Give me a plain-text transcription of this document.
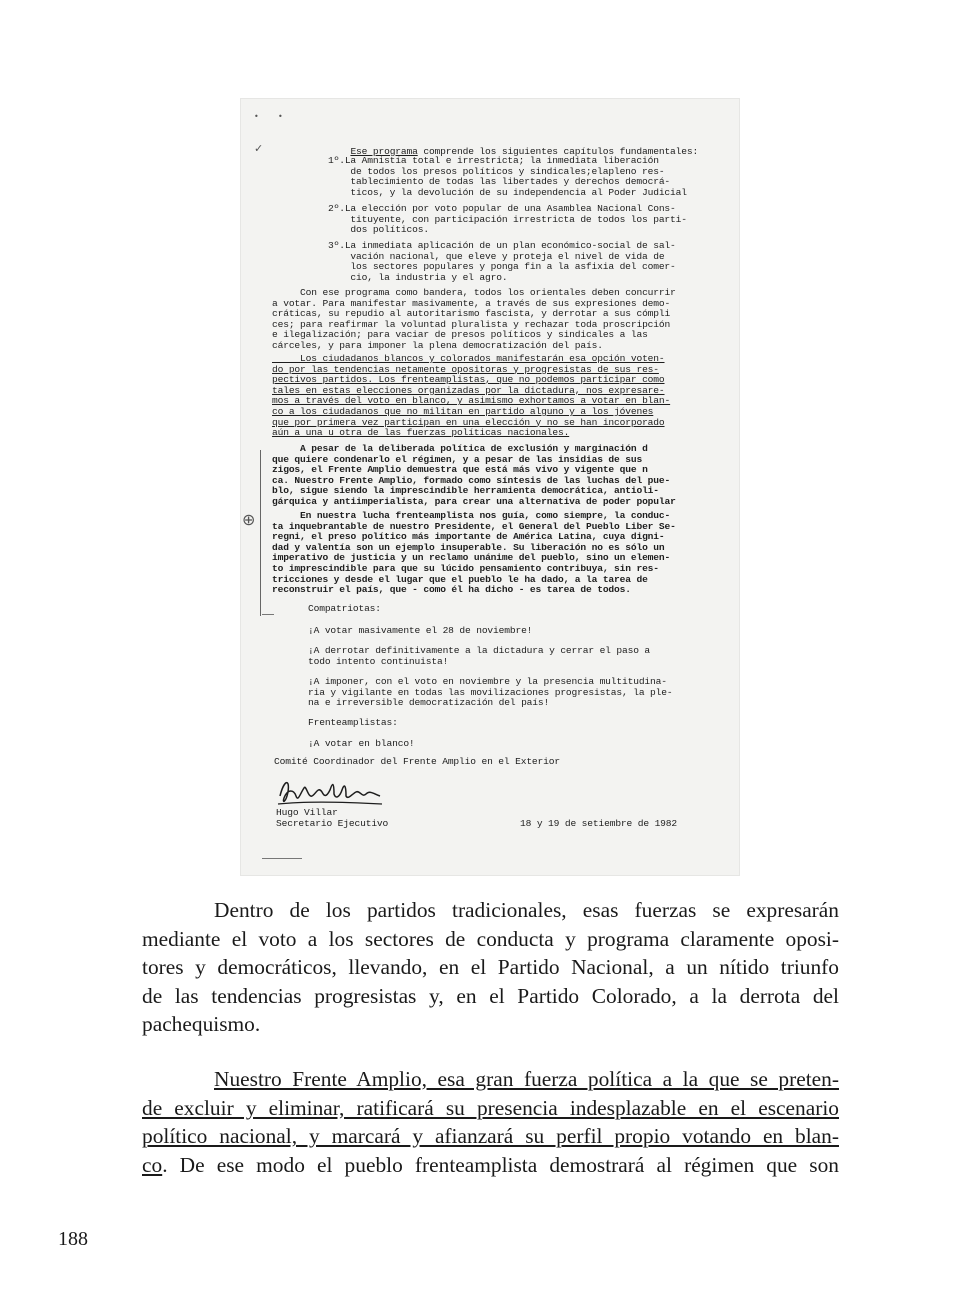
• •
✓	Ese programa comprende los siguientes capítulos fundamentales:

1º.La Amnistía total e irrestricta; la inmediata liberación
de todos los presos políticos y sindicales;elapleno res-
tablecimiento de todas las libertades y derechos democrá-
ticos, y la devolución de su independencia al Poder Judicial
2º.La elección por voto popular de una Asamblea Nacional Cons-
tituyente, con participación irrestricta de todos los parti-
dos políticos.
3º.La inmediata aplicación de un plan económico-social de sal-
vación nacional, que eleve y proteja el nivel de vida de
los sectores populares y ponga fin a la asfixia del comer-
cio, la industria y el agro.
Con ese programa como bandera, todos los orientales deben concurrir
a votar. Para manifestar masivamente, a través de sus expresiones demo-
cráticas, su repudio al autoritarismo fascista, y derrotar a sus cómpli
ces; para reafirmar la voluntad pluralista y rechazar toda proscripción
e ilegalización; para vaciar de presos políticos y sindicales a las
cárceles, y para imponer la plena democratización del país.
Los ciudadanos blancos y colorados manifestarán esa opción voten-
do por las tendencias netamente opositoras y progresistas de sus res-
pectivos partidos. Los frenteamplistas, que no podemos participar como
tales en estas elecciones organizadas por la dictadura, nos expresare-
mos a través del voto en blanco, y asimismo exhortamos a votar en blan-
co a los ciudadanos que no militan en partido alguno y a los jóvenes
que por primera vez participan en una elección y no se han incorporado
aún a una u otra de las fuerzas políticas nacionales.
⊕
A pesar de la deliberada política de exclusión y marginación d
que quiere condenarlo el régimen, y a pesar de las insidias de sus
zigos, el Frente Amplio demuestra que está más vivo y vigente que n
ca. Nuestro Frente Amplio, formado como síntesis de las luchas del pue-
blo, sigue siendo la imprescindible herramienta democrática, antioli-
gárquica y antiimperialista, para crear una alternativa de poder popular
En nuestra lucha frenteamplista nos guía, como siempre, la conduc-
ta inquebrantable de nuestro Presidente, el General del Pueblo Liber Se-
regni, el preso político más importante de América Latina, cuya digni-
dad y valentía son un ejemplo insuperable. Su liberación no es sólo un
imperativo de justicia y un reclamo unánime del pueblo, sino un elemen-
to imprescindible para que su lúcido pensamiento contribuya, sin res-
tricciones y desde el lugar que el pueblo le ha dado, a la tarea de
reconstruir el país, que - como él ha dicho - es tarea de todos.
Compatriotas:
¡A votar masivamente el 28 de noviembre!
¡A derrotar definitivamente a la dictadura y cerrar el paso a
todo intento continuista!
¡A imponer, con el voto en noviembre y la presencia multitudina-
ria y vigilante en todas las movilizaciones progresistas, la ple-
na e irreversible democratización del país!
Frenteamplistas:
¡A votar en blanco!
Comité Coordinador del Frente Amplio en el Exterior
Hugo Villar
Secretario Ejecutivo	18 y 19 de setiembre de 1982
Dentro de los partidos tradicionales, esas fuerzas se expresarán
mediante el voto a los sectores de conducta y programa claramente oposi-
tores y democráticos, llevando, en el Partido Nacional, a un nítido triunfo
de las tendencias progresistas y, en el Partido Colorado, a la derrota del
pachequismo.
Nuestro Frente Amplio, esa gran fuerza política a la que se preten-
de excluir y eliminar, ratificará su presencia indesplazable en el escenario
político nacional, y marcará y afianzará su perfil propio votando en blan-
co. De ese modo el pueblo frenteamplista demostrará al régimen que son
188
